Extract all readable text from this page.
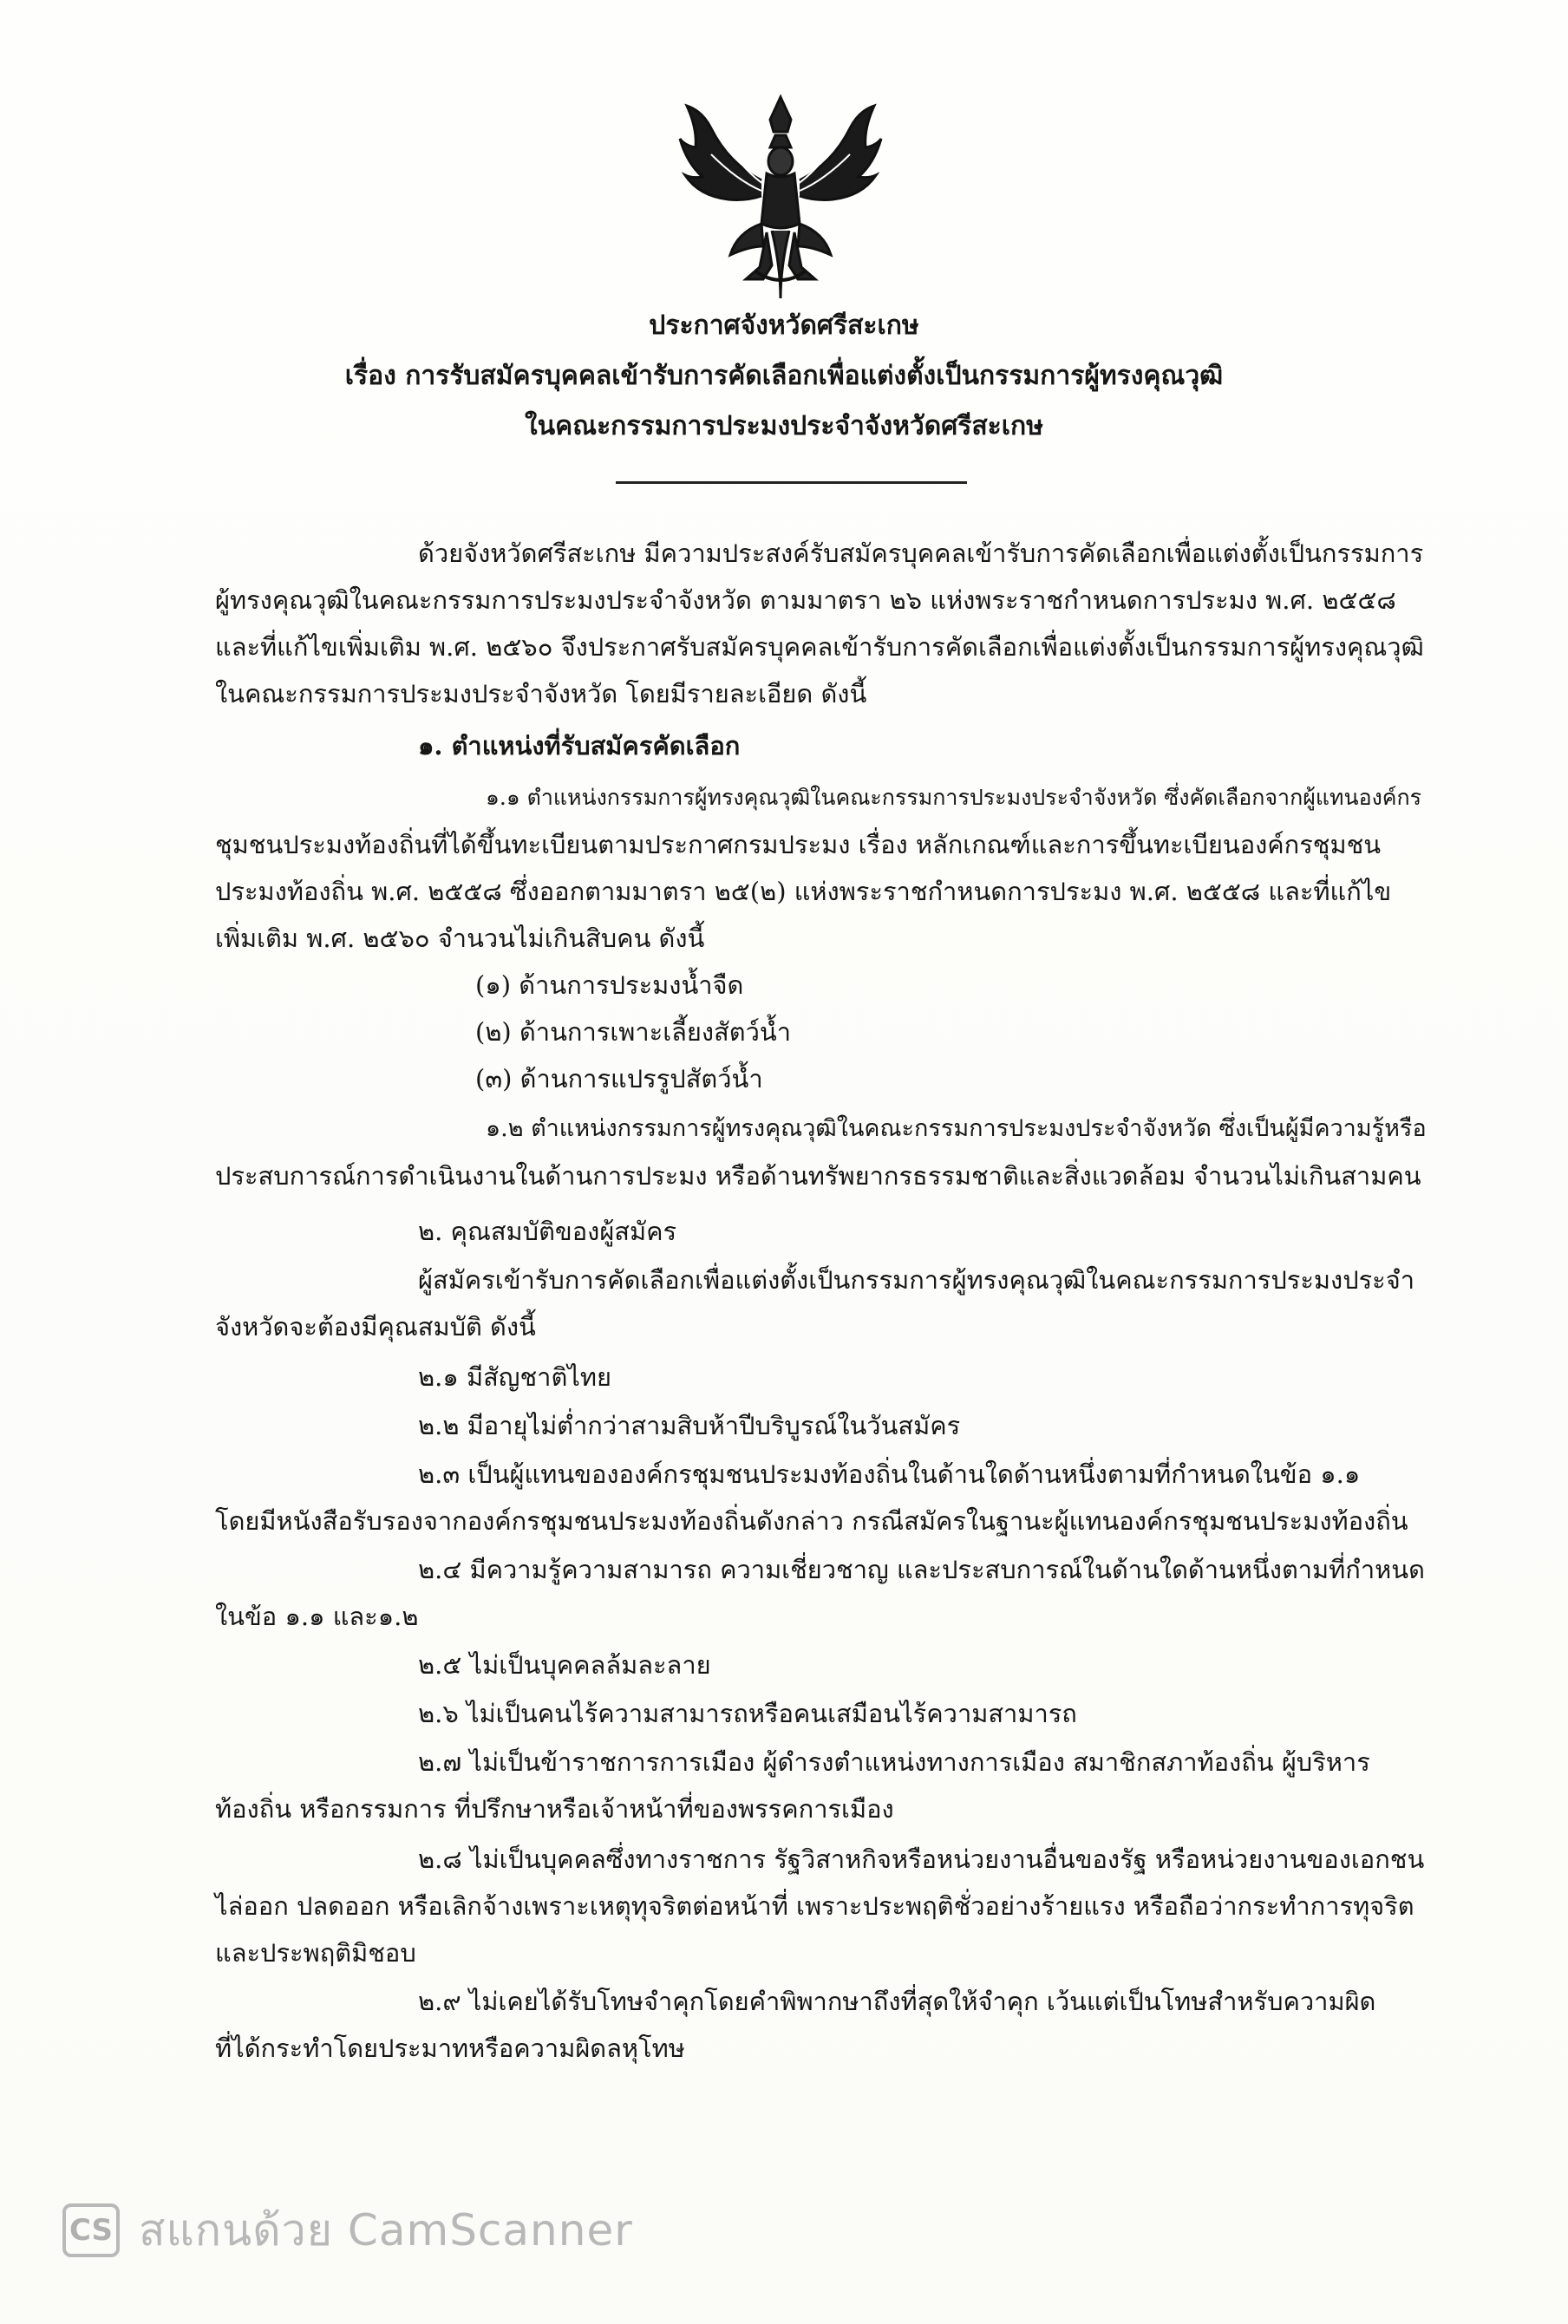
ประกาศจังหวัดศรีสะเกษ
เรื่อง การรับสมัครบุคคลเข้ารับการคัดเลือกเพื่อแต่งตั้งเป็นกรรมการผู้ทรงคุณวุฒิ
ในคณะกรรมการประมงประจำจังหวัดศรีสะเกษ
ด้วยจังหวัดศรีสะเกษ มีความประสงค์รับสมัครบุคคลเข้ารับการคัดเลือกเพื่อแต่งตั้งเป็นกรรมการ
ผู้ทรงคุณวุฒิในคณะกรรมการประมงประจำจังหวัด ตามมาตรา ๒๖ แห่งพระราชกำหนดการประมง พ.ศ. ๒๕๕๘
และที่แก้ไขเพิ่มเติม พ.ศ. ๒๕๖๐ จึงประกาศรับสมัครบุคคลเข้ารับการคัดเลือกเพื่อแต่งตั้งเป็นกรรมการผู้ทรงคุณวุฒิ
ในคณะกรรมการประมงประจำจังหวัด โดยมีรายละเอียด ดังนี้
๑. ตำแหน่งที่รับสมัครคัดเลือก
๑.๑ ตำแหน่งกรรมการผู้ทรงคุณวุฒิในคณะกรรมการประมงประจำจังหวัด ซึ่งคัดเลือกจากผู้แทนองค์กร
ชุมชนประมงท้องถิ่นที่ได้ขึ้นทะเบียนตามประกาศกรมประมง เรื่อง หลักเกณฑ์และการขึ้นทะเบียนองค์กรชุมชน
ประมงท้องถิ่น พ.ศ. ๒๕๕๘ ซึ่งออกตามมาตรา ๒๕(๒) แห่งพระราชกำหนดการประมง พ.ศ. ๒๕๕๘ และที่แก้ไข
เพิ่มเติม พ.ศ. ๒๕๖๐ จำนวนไม่เกินสิบคน ดังนี้
(๑) ด้านการประมงน้ำจืด
(๒) ด้านการเพาะเลี้ยงสัตว์น้ำ
(๓) ด้านการแปรรูปสัตว์น้ำ
๑.๒ ตำแหน่งกรรมการผู้ทรงคุณวุฒิในคณะกรรมการประมงประจำจังหวัด ซึ่งเป็นผู้มีความรู้หรือ
ประสบการณ์การดำเนินงานในด้านการประมง หรือด้านทรัพยากรธรรมชาติและสิ่งแวดล้อม จำนวนไม่เกินสามคน
๒. คุณสมบัติของผู้สมัคร
ผู้สมัครเข้ารับการคัดเลือกเพื่อแต่งตั้งเป็นกรรมการผู้ทรงคุณวุฒิในคณะกรรมการประมงประจำ
จังหวัดจะต้องมีคุณสมบัติ ดังนี้
๒.๑ มีสัญชาติไทย
๒.๒ มีอายุไม่ต่ำกว่าสามสิบห้าปีบริบูรณ์ในวันสมัคร
๒.๓ เป็นผู้แทนขององค์กรชุมชนประมงท้องถิ่นในด้านใดด้านหนึ่งตามที่กำหนดในข้อ ๑.๑
โดยมีหนังสือรับรองจากองค์กรชุมชนประมงท้องถิ่นดังกล่าว กรณีสมัครในฐานะผู้แทนองค์กรชุมชนประมงท้องถิ่น
๒.๔ มีความรู้ความสามารถ ความเชี่ยวชาญ และประสบการณ์ในด้านใดด้านหนึ่งตามที่กำหนด
ในข้อ ๑.๑ และ๑.๒
๒.๕ ไม่เป็นบุคคลล้มละลาย
๒.๖ ไม่เป็นคนไร้ความสามารถหรือคนเสมือนไร้ความสามารถ
๒.๗ ไม่เป็นข้าราชการการเมือง ผู้ดำรงตำแหน่งทางการเมือง สมาชิกสภาท้องถิ่น ผู้บริหาร
ท้องถิ่น หรือกรรมการ ที่ปรึกษาหรือเจ้าหน้าที่ของพรรคการเมือง
๒.๘ ไม่เป็นบุคคลซึ่งทางราชการ รัฐวิสาหกิจหรือหน่วยงานอื่นของรัฐ หรือหน่วยงานของเอกชน
ไล่ออก ปลดออก หรือเลิกจ้างเพราะเหตุทุจริตต่อหน้าที่ เพราะประพฤติชั่วอย่างร้ายแรง หรือถือว่ากระทำการทุจริต
และประพฤติมิชอบ
๒.๙ ไม่เคยได้รับโทษจำคุกโดยคำพิพากษาถึงที่สุดให้จำคุก เว้นแต่เป็นโทษสำหรับความผิด
ที่ได้กระทำโดยประมาทหรือความผิดลหุโทษ
CS สแกนด้วย CamScanner
